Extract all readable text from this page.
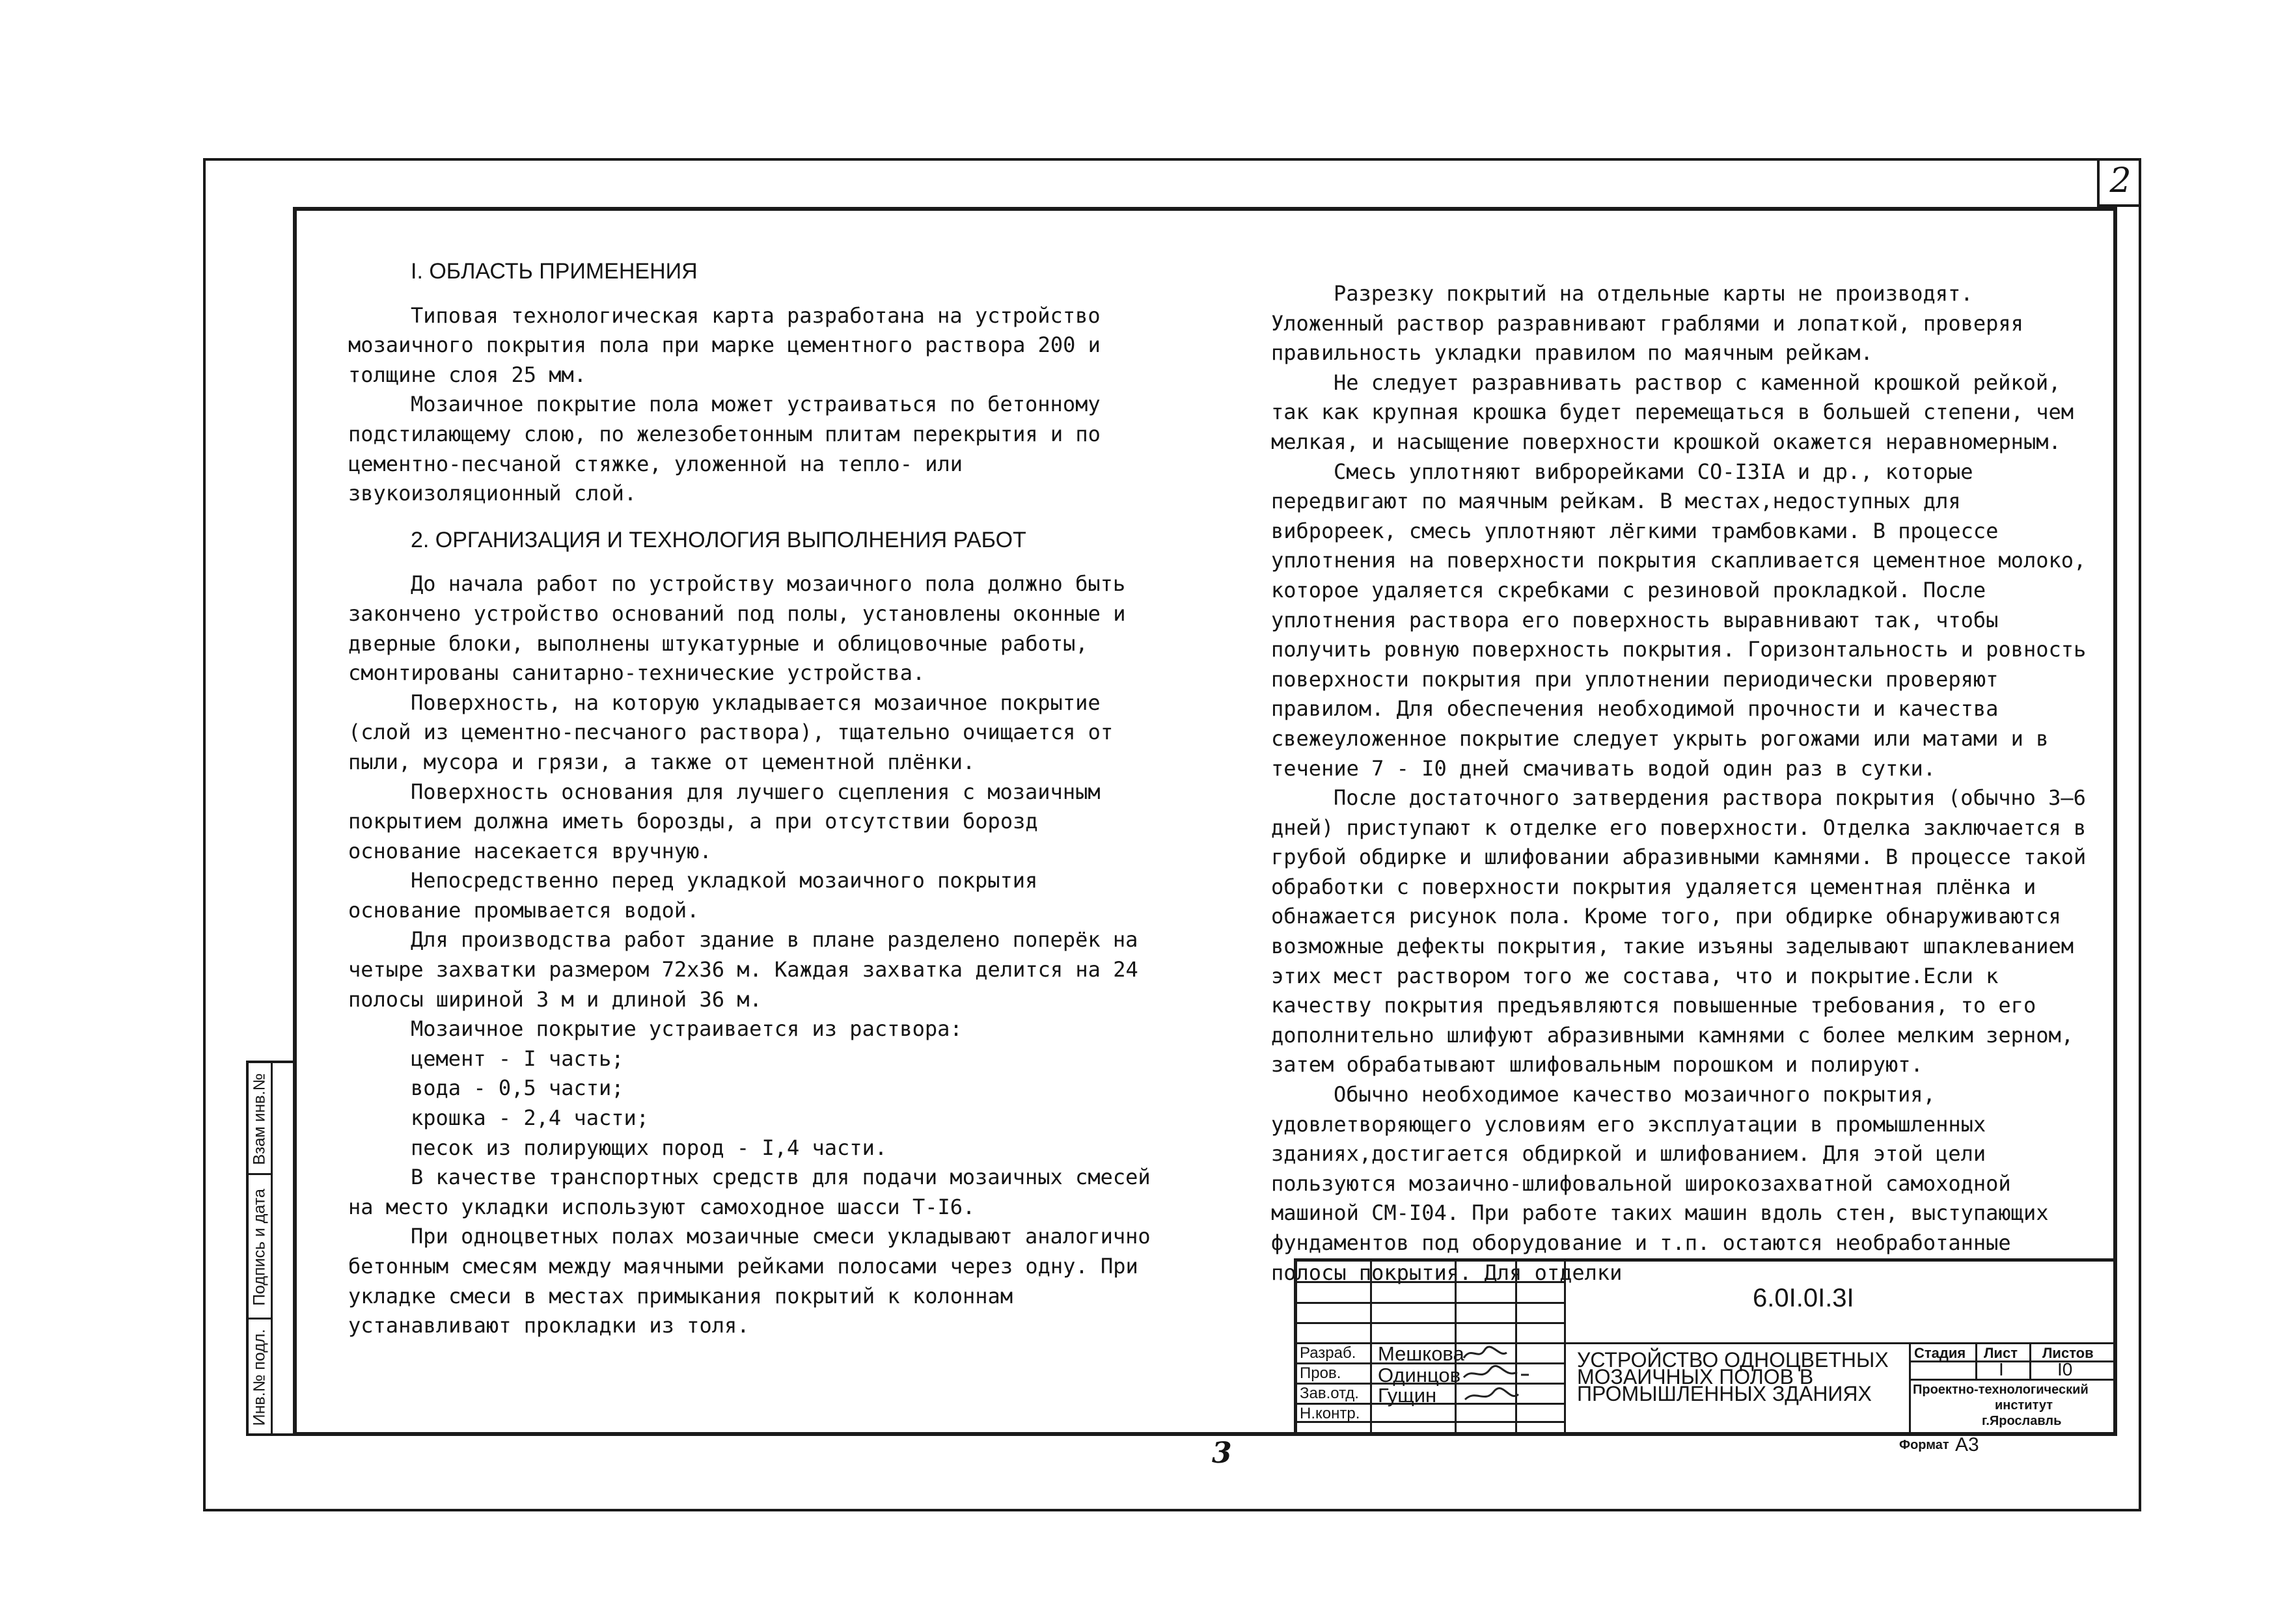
2
Взам инв.№
Подпись и дата
Инв.№ подл.

I. ОБЛАСТЬ ПРИМЕНЕНИЯ

Типовая технологическая карта разработана на устройство мозаичного покрытия пола при марке цементного раствора 200 и толщине слоя 25 мм.

Мозаичное покрытие пола может устраиваться по бетонному подстилающему слою, по железобетонным плитам перекрытия и по цементно-песчаной стяжке, уложенной на тепло- или звукоизоляционный слой.

2. ОРГАНИЗАЦИЯ И ТЕХНОЛОГИЯ ВЫПОЛНЕНИЯ РАБОТ

До начала работ по устройству мозаичного пола должно быть закончено устройство оснований под полы, установлены оконные и дверные блоки, выполнены штукатурные и облицовочные работы, смонтированы санитарно-технические устройства.

Поверхность, на которую укладывается мозаичное покрытие (слой из цементно-песчаного раствора), тщательно очищается от пыли, мусора и грязи, а также от цементной плёнки.

Поверхность основания для лучшего сцепления с мозаичным покрытием должна иметь борозды, а при отсутствии борозд основание насекается вручную.

Непосредственно перед укладкой мозаичного покрытия основание промывается водой.

Для производства работ здание в плане разделено поперёк на четыре захватки размером 72х36 м. Каждая захватка делится на 24 полосы шириной 3 м и длиной 36 м.

Мозаичное покрытие устраивается из раствора:

цемент - I часть;

вода - 0,5 части;

крошка - 2,4 части;

песок из полирующих пород - I,4 части.

В качестве транспортных средств для подачи мозаичных смесей на место укладки используют самоходное шасси Т-I6.

При одноцветных полах мозаичные смеси укладывают аналогично бетонным смесям между маячными рейками полосами через одну. При укладке смеси в местах примыкания покрытий к колоннам устанавливают прокладки из толя.

Разрезку покрытий на отдельные карты не производят. Уложенный раствор разравнивают граблями и лопаткой, проверяя правильность укладки правилом по маячным рейкам.

Не следует разравнивать раствор с каменной крошкой рейкой, так как крупная крошка будет перемещаться в большей степени, чем мелкая, и насыщение поверхности крошкой окажется неравномерным.

Смесь уплотняют виброрейками СО-I3IА и др., которые передвигают по маячным рейкам. В местах,недоступных для виброреек, смесь уплотняют лёгкими трамбовками. В процессе уплотнения на поверхности покрытия скапливается цементное молоко, которое удаляется скребками с резиновой прокладкой. После уплотнения раствора его поверхность выравнивают так, чтобы получить ровную поверхность покрытия. Горизонтальность и ровность поверхности покрытия при уплотнении периодически проверяют правилом. Для обеспечения необходимой прочности и качества свежеуложенное покрытие следует укрыть рогожами или матами и в течение 7 - I0 дней смачивать водой один раз в сутки.

После достаточного затвердения раствора покрытия (обычно 3—6 дней) приступают к отделке его поверхности. Отделка заключается в грубой обдирке и шлифовании абразивными камнями. В процессе такой обработки с поверхности покрытия удаляется цементная плёнка и обнажается рисунок пола. Кроме того, при обдирке обнаруживаются возможные дефекты покрытия, такие изъяны заделывают шпаклеванием этих мест раствором того же состава, что и покрытие.Если к качеству покрытия предъявляются повышенные требования, то его дополнительно шлифуют абразивными камнями с более мелким зерном, затем обрабатывают шлифовальным порошком и полируют.

Обычно необходимое качество мозаичного покрытия, удовлетворяющего условиям его эксплуатации в промышленных зданиях,достигается обдиркой и шлифованием. Для этой цели пользуются мозаично-шлифовальной широкозахватной самоходной машиной СМ-I04. При работе таких машин вдоль стен, выступающих фундаментов под оборудование и т.п. остаются необработанные полосы покрытия. Для отделки

6.0I.0I.3I
Разраб.
Пров.
Зав.отд.
Н.контр.
Мешкова
Одинцов
Гущин
УСТРОЙСТВО ОДНОЦВЕТНЫХ
МОЗАИЧНЫХ ПОЛОВ В
ПРОМЫШЛЕННЫХ ЗДАНИЯХ
Стадия Лист Листов
I	I0
Проектно-технологический
институт
г.Ярославль
Формат А3
3
